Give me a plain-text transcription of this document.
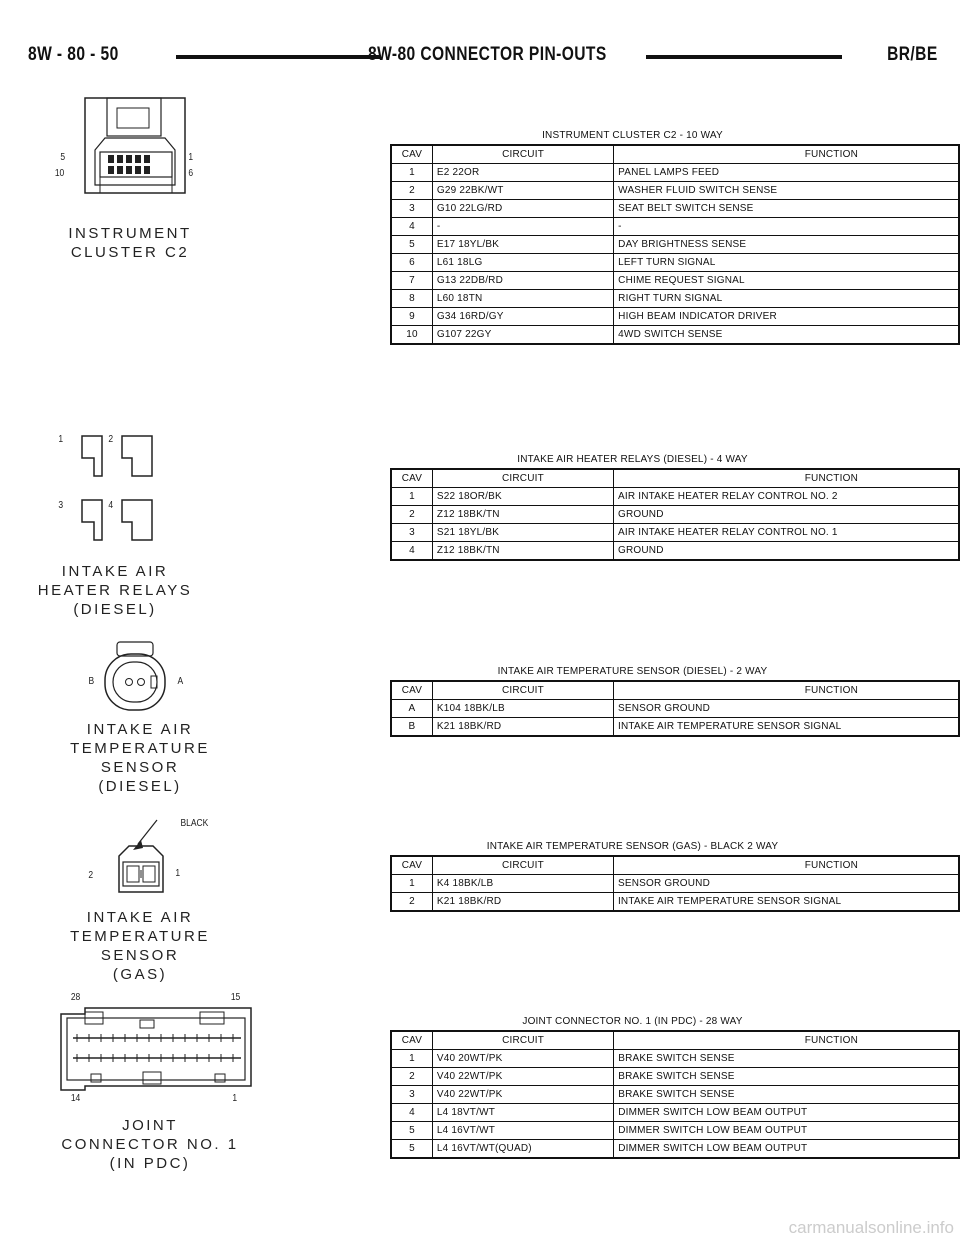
8W - 80 - 50	8W-80 CONNECTOR PIN-OUTS	BR/BE
5
10
1
6
INSTRUMENT
CLUSTER C2
INSTRUMENT CLUSTER C2 - 10 WAY
CAV	CIRCUIT	FUNCTION
1	E2 22OR	PANEL LAMPS FEED
2	G29 22BK/WT	WASHER FLUID SWITCH SENSE
3	G10 22LG/RD	SEAT BELT SWITCH SENSE
4	-	-
5	E17 18YL/BK	DAY BRIGHTNESS SENSE
6	L61 18LG	LEFT TURN SIGNAL
7	G13 22DB/RD	CHIME REQUEST SIGNAL
8	L60 18TN	RIGHT TURN SIGNAL
9	G34 16RD/GY	HIGH BEAM INDICATOR DRIVER
10	G107 22GY	4WD SWITCH SENSE
1	2
3	4
INTAKE AIR
HEATER RELAYS
(DIESEL)
INTAKE AIR HEATER RELAYS (DIESEL) - 4 WAY
CAV	CIRCUIT	FUNCTION
1	S22 18OR/BK	AIR INTAKE HEATER RELAY CONTROL NO. 2
2	Z12 18BK/TN	GROUND
3	S21 18YL/BK	AIR INTAKE HEATER RELAY CONTROL NO. 1
4	Z12 18BK/TN	GROUND
B	A
INTAKE AIR
TEMPERATURE SENSOR
(DIESEL)
INTAKE AIR TEMPERATURE SENSOR (DIESEL) - 2 WAY
CAV	CIRCUIT	FUNCTION
A	K104 18BK/LB	SENSOR GROUND
B	K21 18BK/RD	INTAKE AIR TEMPERATURE SENSOR SIGNAL
BLACK
2	1
INTAKE AIR
TEMPERATURE SENSOR
(GAS)
INTAKE AIR TEMPERATURE SENSOR (GAS) - BLACK 2 WAY
CAV	CIRCUIT	FUNCTION
1	K4 18BK/LB	SENSOR GROUND
2	K21 18BK/RD	INTAKE AIR TEMPERATURE SENSOR SIGNAL
28	15
14	1
JOINT
CONNECTOR NO. 1
(IN PDC)
JOINT CONNECTOR NO. 1 (IN PDC) - 28 WAY
CAV	CIRCUIT	FUNCTION
1	V40 20WT/PK	BRAKE SWITCH SENSE
2	V40 22WT/PK	BRAKE SWITCH SENSE
3	V40 22WT/PK	BRAKE SWITCH SENSE
4	L4 18VT/WT	DIMMER SWITCH LOW BEAM OUTPUT
5	L4 16VT/WT	DIMMER SWITCH LOW BEAM OUTPUT
5	L4 16VT/WT(QUAD)	DIMMER SWITCH LOW BEAM OUTPUT
carmanualsonline.info
